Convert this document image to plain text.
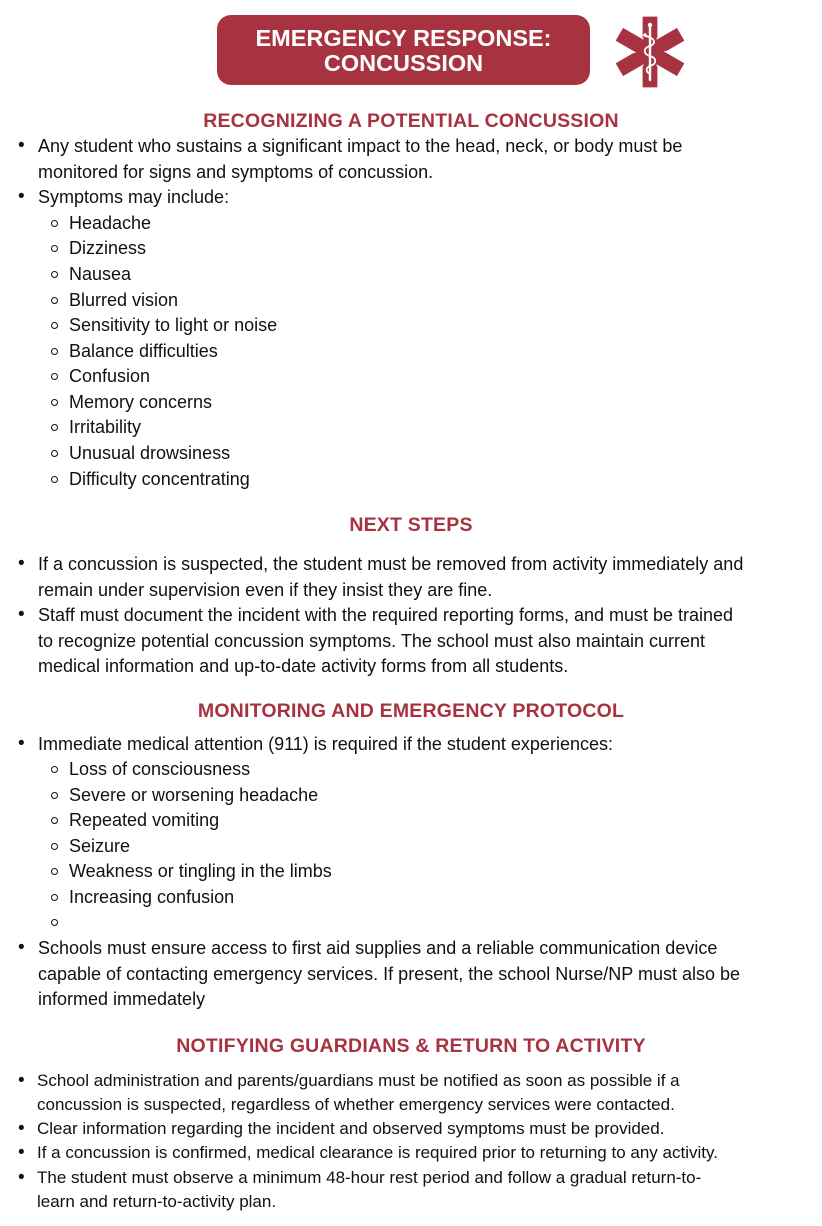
EMERGENCY RESPONSE:
CONCUSSION
RECOGNIZING A POTENTIAL CONCUSSION
• Any student who sustains a significant impact to the head, neck, or body must be
monitored for signs and symptoms of concussion.
• Symptoms may include:
Headache
Dizziness
Nausea
Blurred vision
Sensitivity to light or noise
Balance difficulties
Confusion
Memory concerns
Irritability
Unusual drowsiness
Difficulty concentrating
NEXT STEPS
• If a concussion is suspected, the student must be removed from activity immediately and
remain under supervision even if they insist they are fine.
• Staff must document the incident with the required reporting forms, and must be trained
to recognize potential concussion symptoms. The school must also maintain current
medical information and up-to-date activity forms from all students.
MONITORING AND EMERGENCY PROTOCOL
• Immediate medical attention (911) is required if the student experiences:
Loss of consciousness
Severe or worsening headache
Repeated vomiting
Seizure
Weakness or tingling in the limbs
Increasing confusion
• Schools must ensure access to first aid supplies and a reliable communication device
capable of contacting emergency services. If present, the school Nurse/NP must also be
informed immedately
NOTIFYING GUARDIANS & RETURN TO ACTIVITY
• School administration and parents/guardians must be notified as soon as possible if a
concussion is suspected, regardless of whether emergency services were contacted.
• Clear information regarding the incident and observed symptoms must be provided.
• If a concussion is confirmed, medical clearance is required prior to returning to any activity.
• The student must observe a minimum 48-hour rest period and follow a gradual return-to-
learn and return-to-activity plan.
